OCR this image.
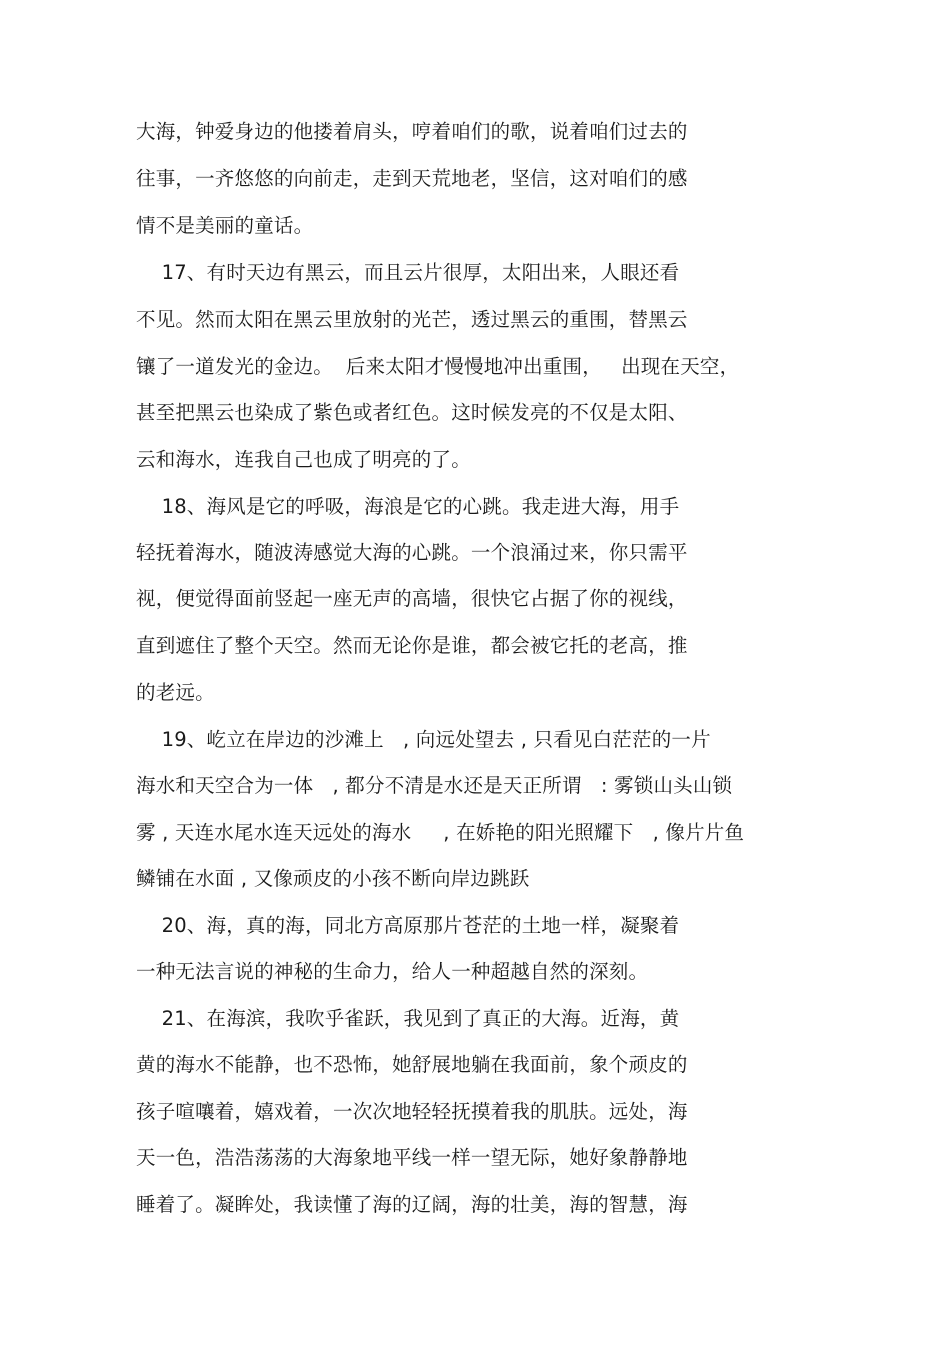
大海，钟爱身边的他搂着肩头，哼着咱们的歌，说着咱们过去的
往事，一齐悠悠的向前走，走到天荒地老，坚信，这对咱们的感
情不是美丽的童话。
17、有时天边有黑云，而且云片很厚，太阳出来，人眼还看
不见。然而太阳在黑云里放射的光芒，透过黑云的重围，替黑云
镶了一道发光的金边。  后来太阳才慢慢地冲出重围，   出现在天空，
甚至把黑云也染成了紫色或者红色。这时候发亮的不仅是太阳、
云和海水，连我自己也成了明亮的了。
18、海风是它的呼吸，海浪是它的心跳。我走进大海，用手
轻抚着海水，随波涛感觉大海的心跳。一个浪涌过来，你只需平
视，便觉得面前竖起一座无声的高墙，很快它占据了你的视线，
直到遮住了整个天空。然而无论你是谁，都会被它托的老高，推
的老远。
19、屹立在岸边的沙滩上   , 向远处望去 , 只看见白茫茫的一片
海水和天空合为一体   , 都分不清是水还是天正所谓   : 雾锁山头山锁
雾 , 天连水尾水连天远处的海水     , 在娇艳的阳光照耀下   , 像片片鱼
鳞铺在水面 , 又像顽皮的小孩不断向岸边跳跃
20、海，真的海，同北方高原那片苍茫的土地一样，凝聚着
一种无法言说的神秘的生命力，给人一种超越自然的深刻。
21、在海滨，我吹乎雀跃，我见到了真正的大海。近海，黄
黄的海水不能静，也不恐怖，她舒展地躺在我面前，象个顽皮的
孩子喧嚷着，嬉戏着，一次次地轻轻抚摸着我的肌肤。远处，海
天一色，浩浩荡荡的大海象地平线一样一望无际，她好象静静地
睡着了。凝眸处，我读懂了海的辽阔，海的壮美，海的智慧，海
